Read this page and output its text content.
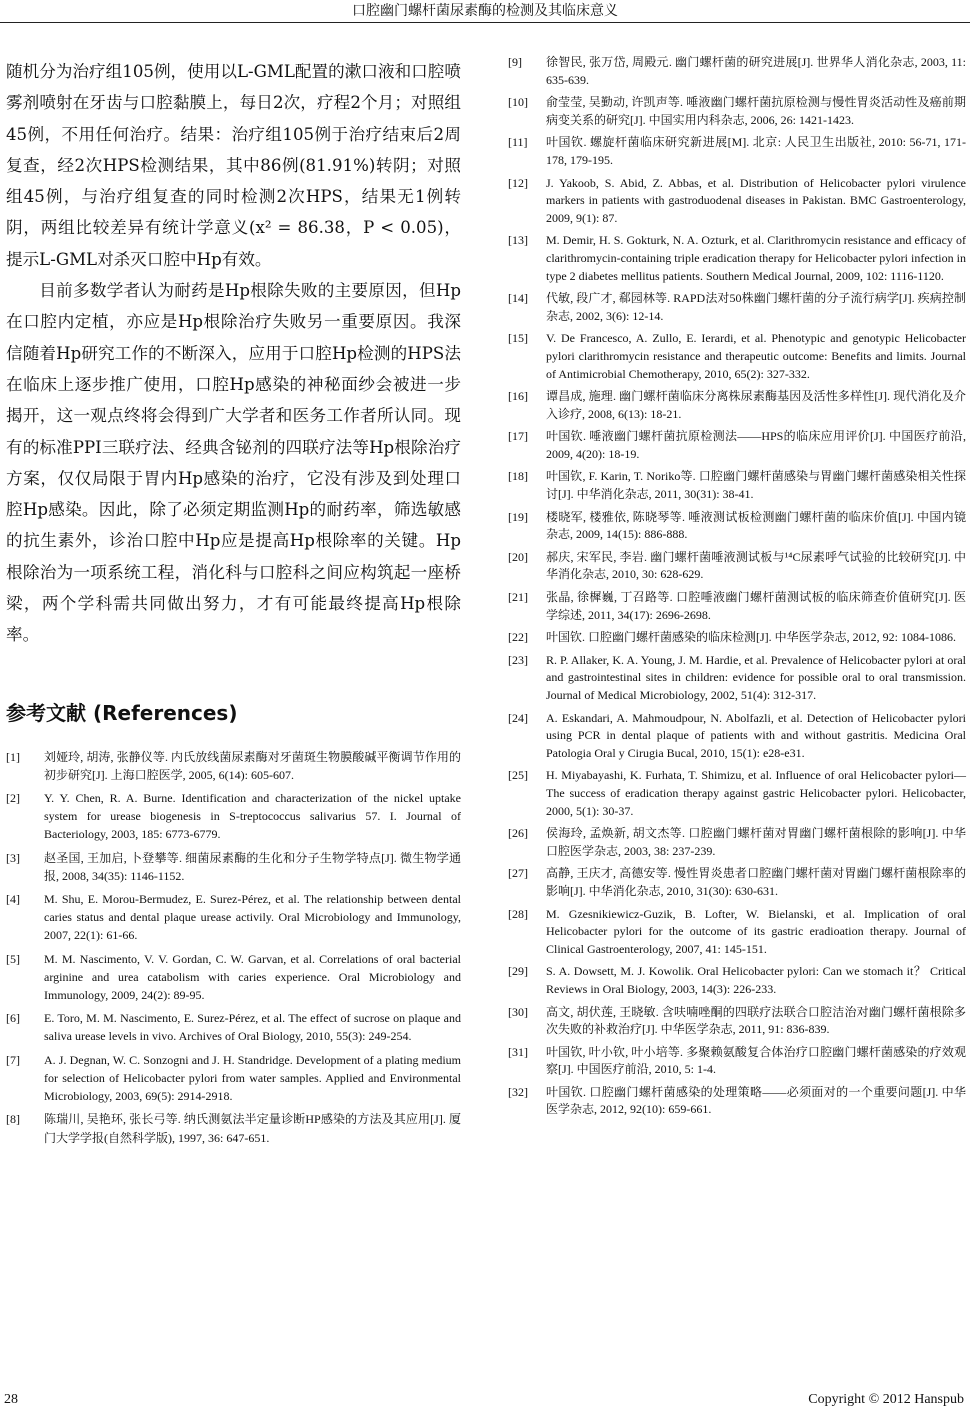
口腔幽门螺杆菌尿素酶的检测及其临床意义

随机分为治疗组105例，使用以L-GML配置的漱口液和口腔喷雾剂喷射在牙齿与口腔黏膜上，每日2次，疗程2个月；对照组45例，不用任何治疗。结果：治疗组105例于治疗结束后2周复查，经2次HPS检测结果，其中86例(81.91%)转阴；对照组45例，与治疗组复查的同时检测2次HPS，结果无1例转阴，两组比较差异有统计学意义(x² = 86.38，P < 0.05)，提示L-GML对杀灭口腔中Hp有效。

目前多数学者认为耐药是Hp根除失败的主要原因，但Hp在口腔内定植，亦应是Hp根除治疗失败另一重要原因。我深信随着Hp研究工作的不断深入，应用于口腔Hp检测的HPS法在临床上逐步推广使用，口腔Hp感染的神秘面纱会被进一步揭开，这一观点终将会得到广大学者和医务工作者所认同。现有的标准PPI三联疗法、经典含铋剂的四联疗法等Hp根除治疗方案，仅仅局限于胃内Hp感染的治疗，它没有涉及到处理口腔Hp感染。因此，除了必须定期监测Hp的耐药率，筛选敏感的抗生素外，诊治口腔中Hp应是提高Hp根除率的关键。Hp根除治为一项系统工程，消化科与口腔科之间应构筑起一座桥梁，两个学科需共同做出努力，才有可能最终提高Hp根除率。

参考文献 (References)
[1]	刘娅玲, 胡涛, 张静仪等. 内氏放线菌尿素酶对牙菌斑生物膜酸碱平衡调节作用的初步研究[J]. 上海口腔医学, 2005, 6(14): 605-607.
[2]	Y. Y. Chen, R. A. Burne. Identification and characterization of the nickel uptake system for urease biogenesis in S-treptococcus salivarius 57. I. Journal of Bacteriology, 2003, 185: 6773-6779.
[3]	赵圣国, 王加启, 卜登攀等. 细菌尿素酶的生化和分子生物学特点[J]. 微生物学通报, 2008, 34(35): 1146-1152.
[4]	M. Shu, E. Morou-Bermudez, E. Surez-Pérez, et al. The relationship between dental caries status and dental plaque urease activily. Oral Microbiology and Immunology, 2007, 22(1): 61-66.
[5]	M. M. Nascimento, V. V. Gordan, C. W. Garvan, et al. Correlations of oral bacterial arginine and urea catabolism with caries experience. Oral Microbiology and Immunology, 2009, 24(2): 89-95.
[6]	E. Toro, M. M. Nascimento, E. Surez-Pérez, et al. The effect of sucrose on plaque and saliva urease levels in vivo. Archives of Oral Biology, 2010, 55(3): 249-254.
[7]	A. J. Degnan, W. C. Sonzogni and J. H. Standridge. Development of a plating medium for selection of Helicobacter pylori from water samples. Applied and Environmental Microbiology, 2003, 69(5): 2914-2918.
[8]	陈瑞川, 吴艳环, 张长弓等. 纳氏测氨法半定量诊断HP感染的方法及其应用[J]. 厦门大学学报(自然科学版), 1997, 36: 647-651.
[9]	徐智民, 张万岱, 周殿元. 幽门螺杆菌的研究进展[J]. 世界华人消化杂志, 2003, 11: 635-639.
[10]	俞莹莹, 吴勤动, 许凯声等. 唾液幽门螺杆菌抗原检测与慢性胃炎活动性及癌前期病变关系的研究[J]. 中国实用内科杂志, 2006, 26: 1421-1423.
[11]	叶国钦. 螺旋杆菌临床研究新进展[M]. 北京: 人民卫生出版社, 2010: 56-71, 171-178, 179-195.
[12]	J. Yakoob, S. Abid, Z. Abbas, et al. Distribution of Helicobacter pylori virulence markers in patients with gastroduodenal diseases in Pakistan. BMC Gastroenterology, 2009, 9(1): 87.
[13]	M. Demir, H. S. Gokturk, N. A. Ozturk, et al. Clarithromycin resistance and efficacy of clarithromycin-containing triple eradication therapy for Helicobacter pylori infection in type 2 diabetes mellitus patients. Southern Medical Journal, 2009, 102: 1116-1120.
[14]	代敏, 段广才, 郗园林等. RAPD法对50株幽门螺杆菌的分子流行病学[J]. 疾病控制杂志, 2002, 3(6): 12-14.
[15]	V. De Francesco, A. Zullo, E. Ierardi, et al. Phenotypic and genotypic Helicobacter pylori clarithromycin resistance and therapeutic outcome: Benefits and limits. Journal of Antimicrobial Chemotherapy, 2010, 65(2): 327-332.
[16]	谭昌成, 施理. 幽门螺杆菌临床分离株尿素酶基因及活性多样性[J]. 现代消化及介入诊疗, 2008, 6(13): 18-21.
[17]	叶国钦. 唾液幽门螺杆菌抗原检测法——HPS的临床应用评价[J]. 中国医疗前沿, 2009, 4(20): 18-19.
[18]	叶国钦, F. Karin, T. Noriko等. 口腔幽门螺杆菌感染与胃幽门螺杆菌感染相关性探讨[J]. 中华消化杂志, 2011, 30(31): 38-41.
[19]	楼晓军, 楼雅依, 陈晓琴等. 唾液测试板检测幽门螺杆菌的临床价值[J]. 中国内镜杂志, 2009, 14(15): 886-888.
[20]	郝庆, 宋军民, 李岩. 幽门螺杆菌唾液测试板与¹⁴C尿素呼气试验的比较研究[J]. 中华消化杂志, 2010, 30: 628-629.
[21]	张晶, 徐樨巍, 丁召路等. 口腔唾液幽门螺杆菌测试板的临床筛查价值研究[J]. 医学综述, 2011, 34(17): 2696-2698.
[22]	叶国钦. 口腔幽门螺杆菌感染的临床检测[J]. 中华医学杂志, 2012, 92: 1084-1086.
[23]	R. P. Allaker, K. A. Young, J. M. Hardie, et al. Prevalence of Helicobacter pylori at oral and gastrointestinal sites in children: evidence for possible oral to oral transmission. Journal of Medical Microbiology, 2002, 51(4): 312-317.
[24]	A. Eskandari, A. Mahmoudpour, N. Abolfazli, et al. Detection of Helicobacter pylori using PCR in dental plaque of patients with and without gastritis. Medicina Oral Patologia Oral y Cirugia Bucal, 2010, 15(1): e28-e31.
[25]	H. Miyabayashi, K. Furhata, T. Shimizu, et al. Influence of oral Helicobacter pylori—The success of eradication therapy against gastric Helicobacter pylori. Helicobacter, 2000, 5(1): 30-37.
[26]	侯海玲, 孟焕新, 胡文杰等. 口腔幽门螺杆菌对胃幽门螺杆菌根除的影响[J]. 中华口腔医学杂志, 2003, 38: 237-239.
[27]	高静, 王庆才, 高德安等. 慢性胃炎患者口腔幽门螺杆菌对胃幽门螺杆菌根除率的影响[J]. 中华消化杂志, 2010, 31(30): 630-631.
[28]	M. Gzesnikiewicz-Guzik, B. Lofter, W. Bielanski, et al. Implication of oral Helicobacter pylori for the outcome of its gastric eradioation therapy. Journal of Clinical Gastroenterology, 2007, 41: 145-151.
[29]	S. A. Dowsett, M. J. Kowolik. Oral Helicobacter pylori: Can we stomach it？ Critical Reviews in Oral Biology, 2003, 14(3): 226-233.
[30]	高文, 胡伏莲, 王晓敏. 含呋喃唑酮的四联疗法联合口腔洁治对幽门螺杆菌根除多次失败的补救治疗[J]. 中华医学杂志, 2011, 91: 836-839.
[31]	叶国钦, 叶小钦, 叶小培等. 多聚赖氨酸复合体治疗口腔幽门螺杆菌感染的疗效观察[J]. 中国医疗前沿, 2010, 5: 1-4.
[32]	叶国钦. 口腔幽门螺杆菌感染的处理策略——必须面对的一个重要问题[J]. 中华医学杂志, 2012, 92(10): 659-661.
28	Copyright © 2012 Hanspub
